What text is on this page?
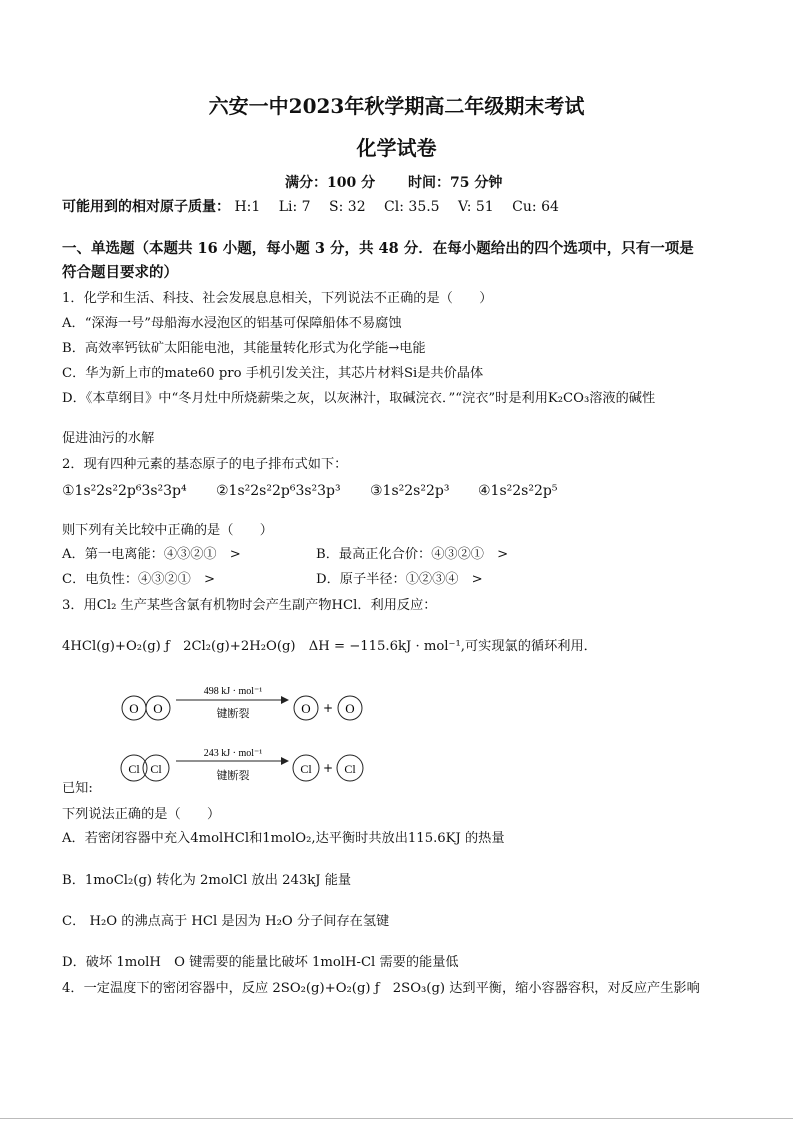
六安一中2023年秋学期高二年级期末考试
化学试卷
满分：100 分　　 时间：75 分钟
可能用到的相对原子质量： H:1　 Li: 7　 S: 32　 Cl: 35.5　 V: 51　 Cu: 64
一、单选题（本题共 16 小题，每小题 3 分，共 48 分．在每小题给出的四个选项中，只有一项是
符合题目要求的）
1．化学和生活、科技、社会发展息息相关，下列说法不正确的是（　　）
A．“深海一号”母船海水浸泡区的铝基可保障船体不易腐蚀
B．高效率钙钛矿太阳能电池，其能量转化形式为化学能→电能
C．华为新上市的mate60 pro 手机引发关注，其芯片材料Si是共价晶体
D．《本草纲目》中“冬月灶中所烧薪柴之灰，以灰淋汁，取碱浣衣．”“浣衣”时是利用K₂CO₃溶液的碱性
促进油污的水解
2．现有四种元素的基态原子的电子排布式如下：
①1s²2s²2p⁶3s²3p⁴ ②1s²2s²2p⁶3s²3p³ ③1s²2s²2p³ ④1s²2s²2p⁵
则下列有关比较中正确的是（　　）
A．第一电离能：④③②①　>	B．最高正化合价：④③②①　>
C．电负性：④③②①　>	D．原子半径：①②③④　>
3．用Cl₂ 生产某些含氯有机物时会产生副产物HCl．利用反应：
4HCl(g)+O₂(g) ƒ　2Cl₂(g)+2H₂O(g)　ΔH = −115.6kJ · mol⁻¹,可实现氯的循环利用．
O O
498 kJ · mol⁻¹
键断裂	O + O
Cl Cl
243 kJ · mol⁻¹
键断裂	Cl + Cl
已知:
下列说法正确的是（　　）
A．若密闭容器中充入4molHCl和1molO₂,达平衡时共放出115.6KJ 的热量
B．1moCl₂(g) 转化为 2molCl 放出 243kJ 能量
C． H₂O 的沸点高于 HCl 是因为 H₂O 分子间存在氢键
D．破坏 1molH　O 键需要的能量比破坏 1molH-Cl 需要的能量低
4．一定温度下的密闭容器中，反应 2SO₂(g)+O₂(g) ƒ　2SO₃(g) 达到平衡，缩小容器容积，对反应产生影响
